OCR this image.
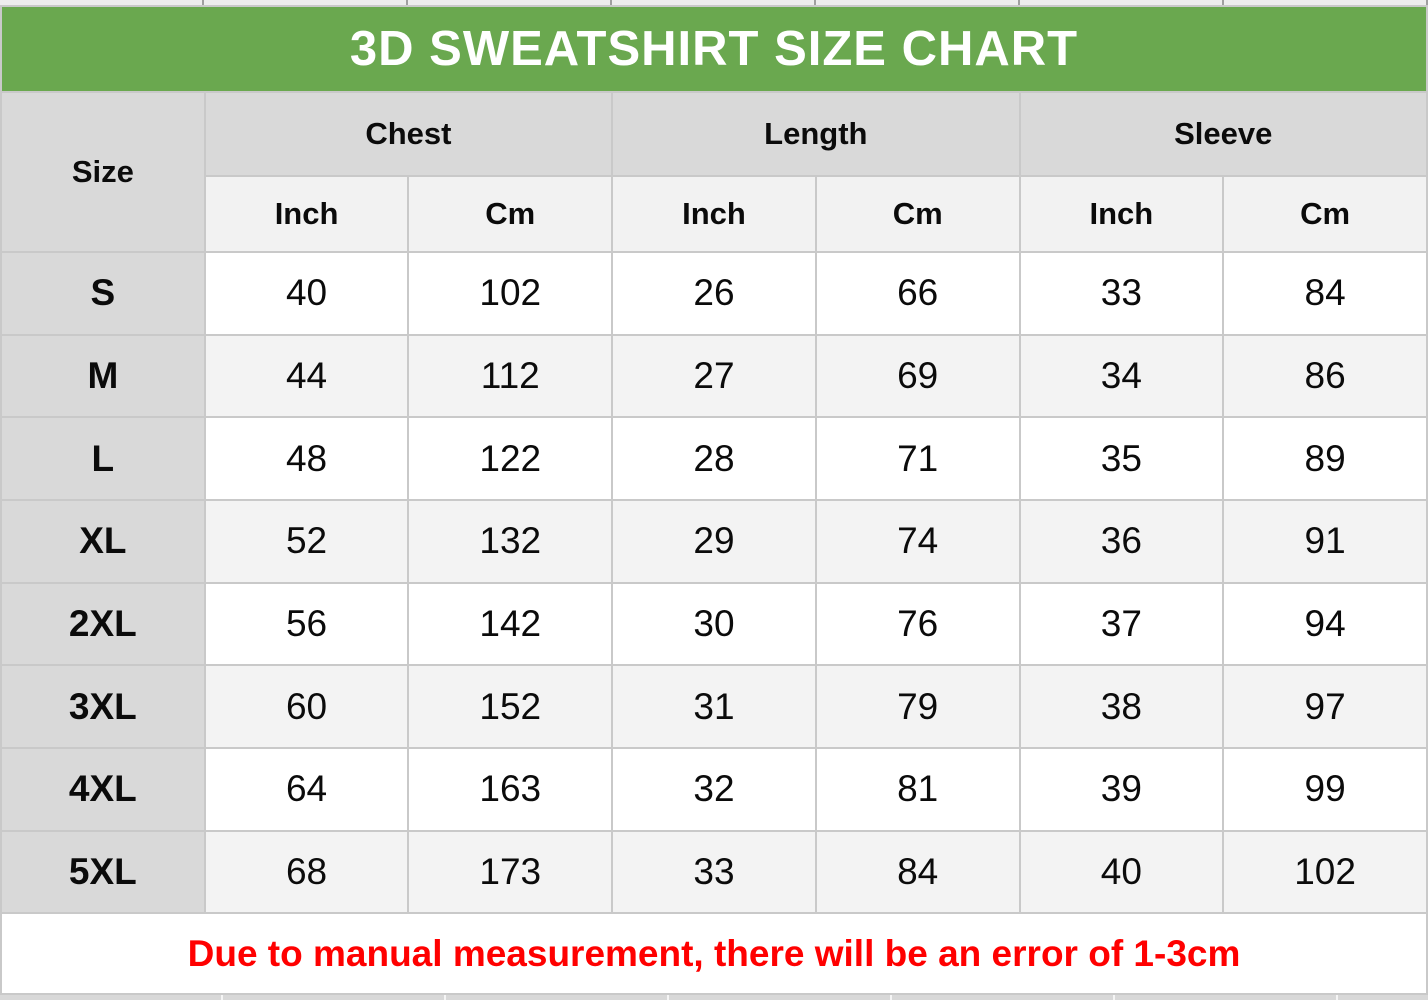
3D SWEATSHIRT SIZE CHART						
Size	Chest		Length		Sleeve	
	Inch	Cm	Inch	Cm	Inch	Cm
S	40	102	26	66	33	84
M	44	112	27	69	34	86
L	48	122	28	71	35	89
XL	52	132	29	74	36	91
2XL	56	142	30	76	37	94
3XL	60	152	31	79	38	97
4XL	64	163	32	81	39	99
5XL	68	173	33	84	40	102
Due to manual measurement, there will be an error of 1-3cm						
